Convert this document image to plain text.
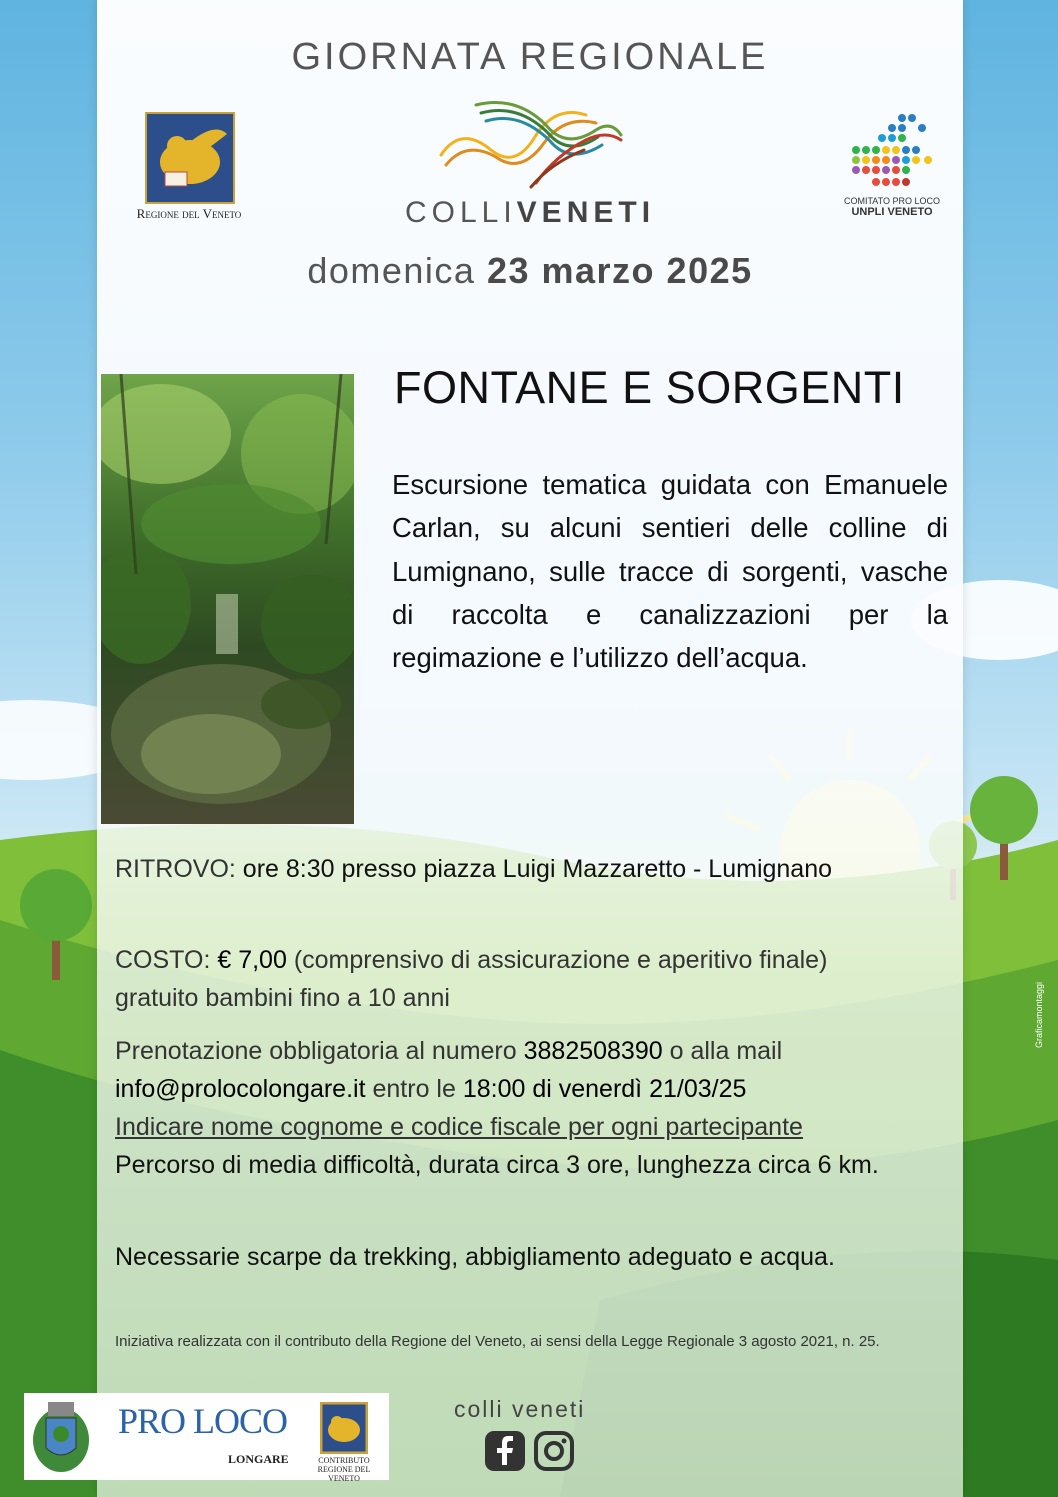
GIORNATA REGIONALE
COLLIVENETI
domenica 23 marzo 2025
Regione del Veneto
COMITATO PRO LOCO
UNPLI VENETO
FONTANE E SORGENTI
Escursione tematica guidata con Emanuele Carlan, su alcuni sentieri delle colline di Lumignano, sulle tracce di sorgenti, vasche di raccolta e canalizzazioni per la regimazione e l’utilizzo dell’acqua.
RITROVO: ore 8:30 presso piazza Luigi Mazzaretto - Lumignano
COSTO: € 7,00 (comprensivo di assicurazione e aperitivo finale) gratuito bambini fino a 10 anni
Prenotazione obbligatoria al numero 3882508390 o alla mail
info@prolocolongare.it entro le 18:00 di venerdì 21/03/25
Indicare nome cognome e codice fiscale per ogni partecipante
Percorso di media difficoltà, durata circa 3 ore, lunghezza circa 6 km.
Necessarie scarpe da trekking, abbigliamento adeguato e acqua.
Iniziativa realizzata con il contributo della Regione del Veneto, ai sensi della Legge Regionale 3 agosto 2021, n. 25.
PRO LOCO
LONGARE	CONTRIBUTO REGIONE DEL VENETO
colli veneti
Graficamontaggi
